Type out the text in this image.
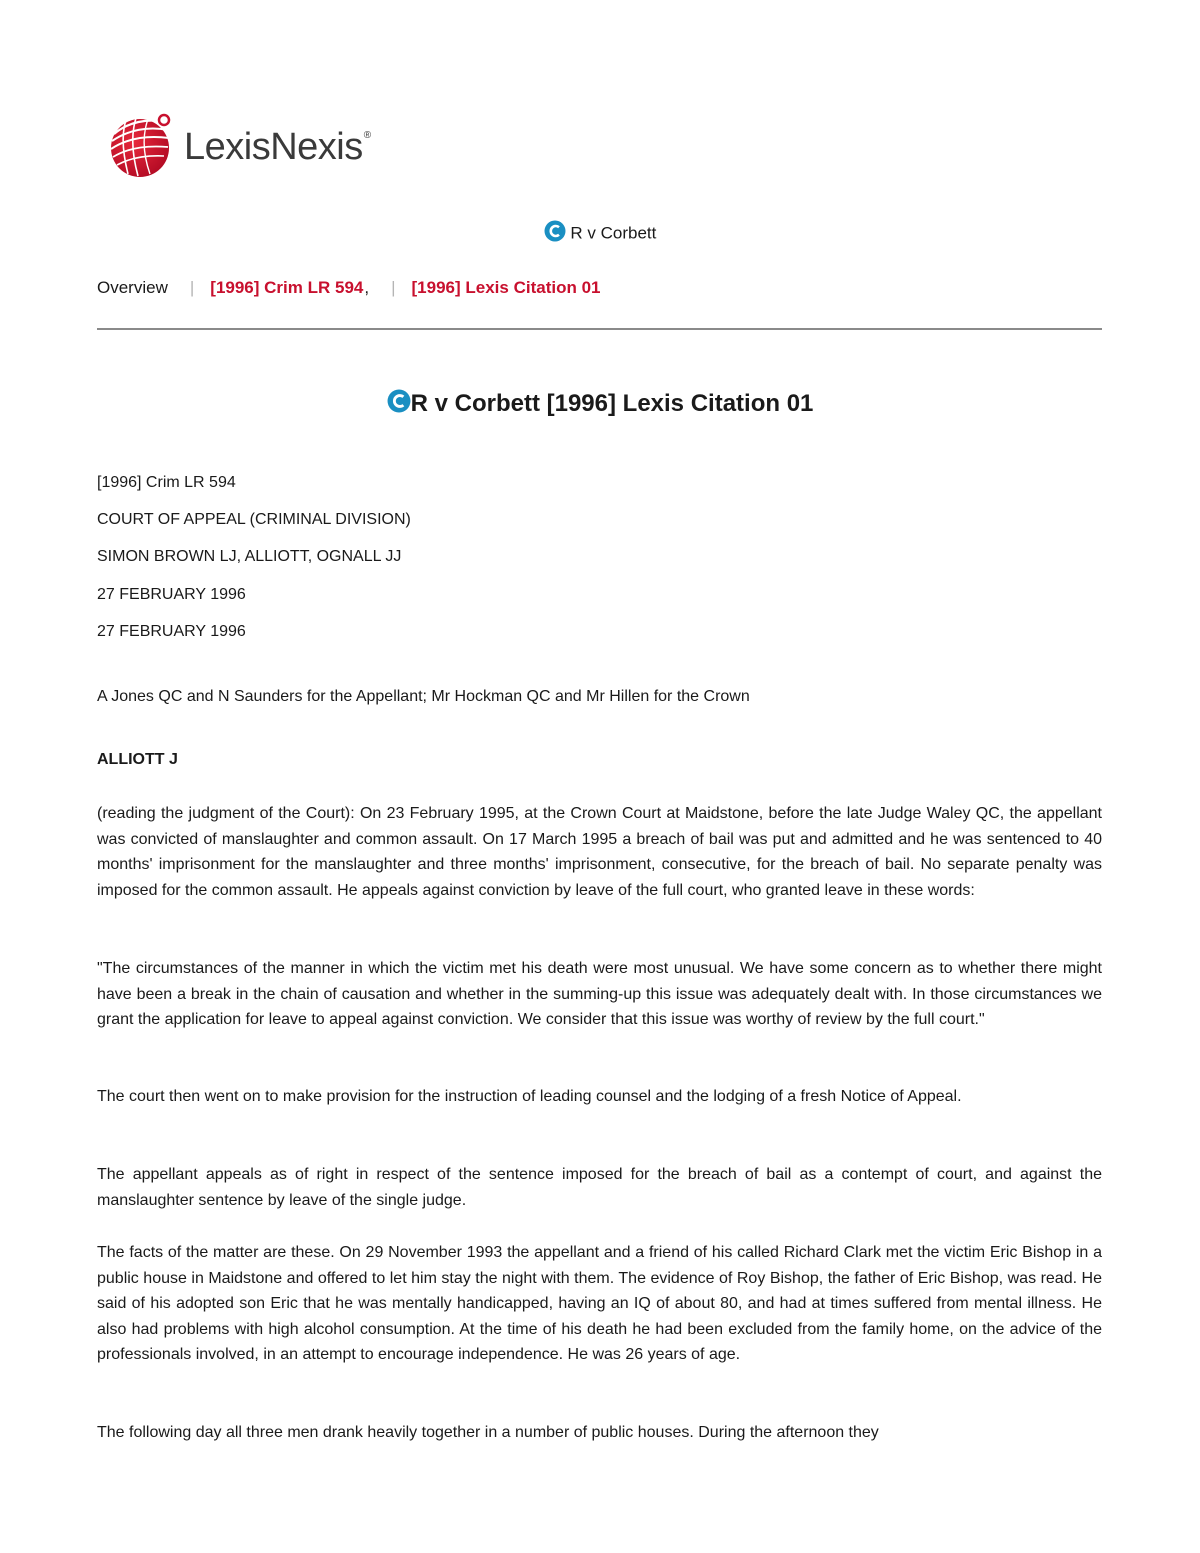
LexisNexis®
R v Corbett
Overview | [1996] Crim LR 594 , | [1996] Lexis Citation 01
R v Corbett [1996] Lexis Citation 01
[1996] Crim LR 594
COURT OF APPEAL (CRIMINAL DIVISION)
SIMON BROWN LJ, ALLIOTT, OGNALL JJ
27 FEBRUARY 1996
27 FEBRUARY 1996
A Jones QC and N Saunders for the Appellant; Mr Hockman QC and Mr Hillen for the Crown
ALLIOTT J

(reading the judgment of the Court): On 23 February 1995, at the Crown Court at Maidstone, before the late Judge Waley QC, the appellant was convicted of manslaughter and common assault. On 17 March 1995 a breach of bail was put and admitted and he was sentenced to 40 months' imprisonment for the manslaughter and three months' imprisonment, consecutive, for the breach of bail. No separate penalty was imposed for the common assault. He appeals against conviction by leave of the full court, who granted leave in these words:

"The circumstances of the manner in which the victim met his death were most unusual. We have some concern as to whether there might have been a break in the chain of causation and whether in the summing-up this issue was adequately dealt with. In those circumstances we grant the application for leave to appeal against conviction. We consider that this issue was worthy of review by the full court."

The court then went on to make provision for the instruction of leading counsel and the lodging of a fresh Notice of Appeal.

The appellant appeals as of right in respect of the sentence imposed for the breach of bail as a contempt of court, and against the manslaughter sentence by leave of the single judge.

The facts of the matter are these. On 29 November 1993 the appellant and a friend of his called Richard Clark met the victim Eric Bishop in a public house in Maidstone and offered to let him stay the night with them. The evidence of Roy Bishop, the father of Eric Bishop, was read. He said of his adopted son Eric that he was mentally handicapped, having an IQ of about 80, and had at times suffered from mental illness. He also had problems with high alcohol consumption. At the time of his death he had been excluded from the family home, on the advice of the professionals involved, in an attempt to encourage independence. He was 26 years of age.

The following day all three men drank heavily together in a number of public houses. During the afternoon they
